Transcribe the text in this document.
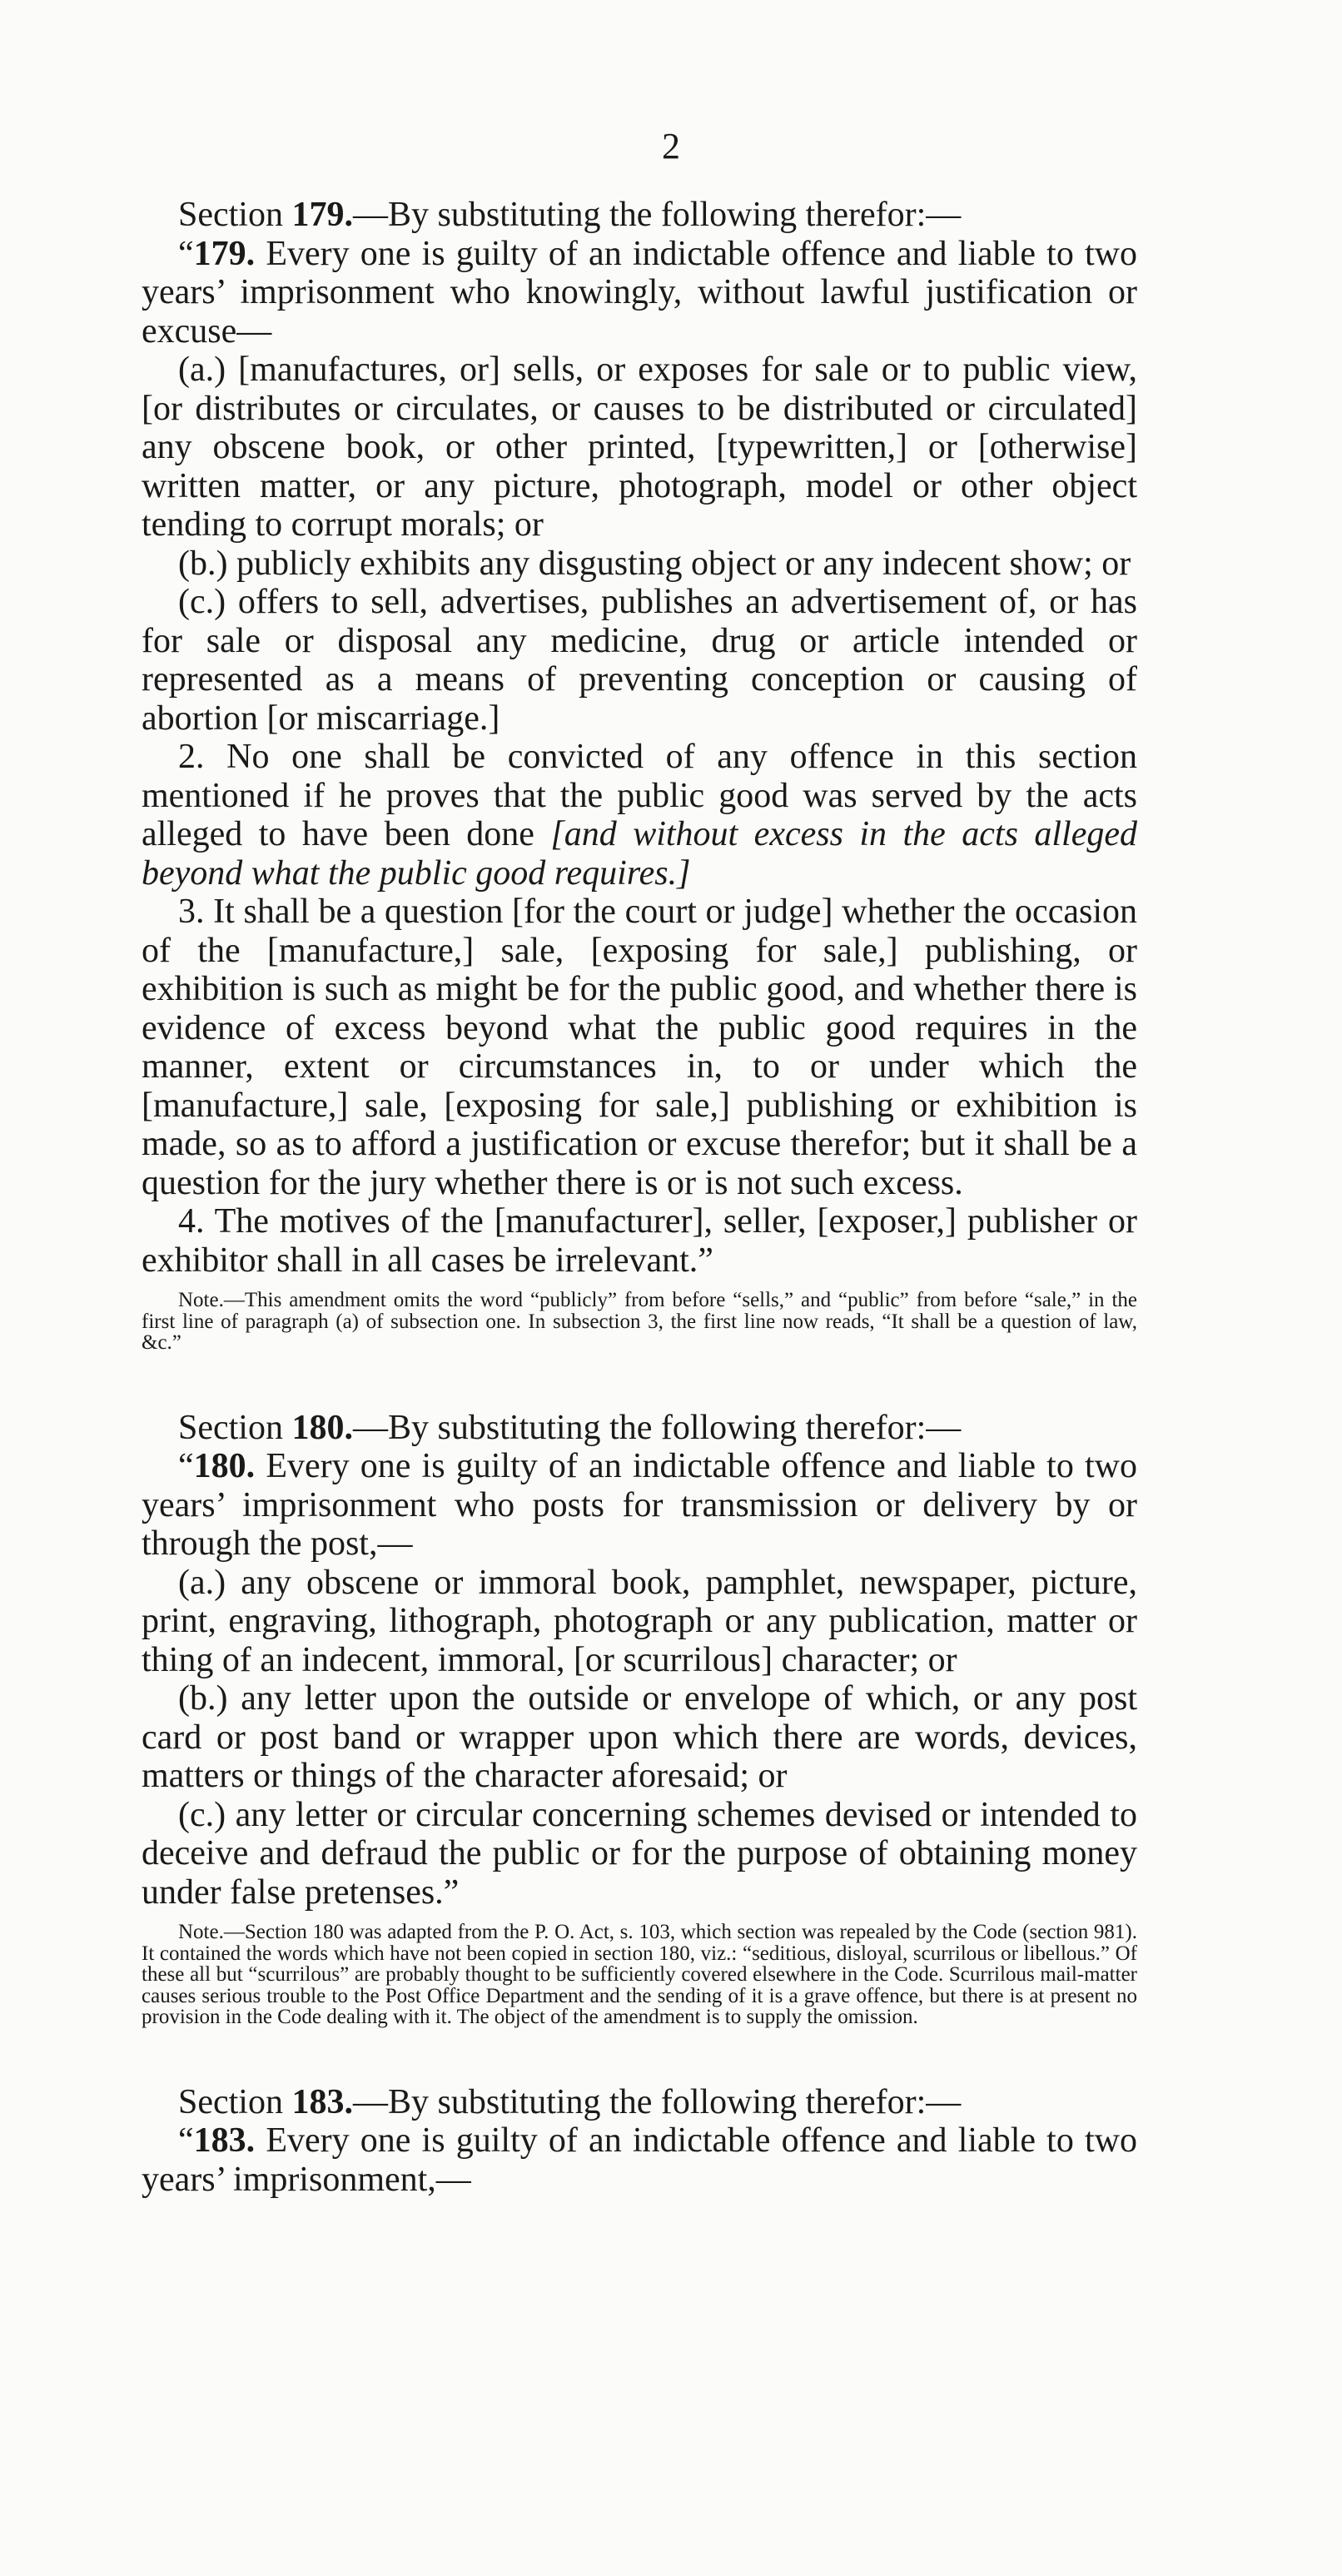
2

Section 179.—By substituting the following therefor:—

“179. Every one is guilty of an indictable offence and liable to two years’ imprisonment who knowingly, without lawful justification or excuse—

(a.) [manufactures, or] sells, or exposes for sale or to public view, [or distributes or circulates, or causes to be distributed or circulated] any obscene book, or other printed, [typewritten,] or [otherwise] written matter, or any picture, photograph, model or other object tending to corrupt morals; or

(b.) publicly exhibits any disgusting object or any indecent show; or

(c.) offers to sell, advertises, publishes an advertisement of, or has for sale or disposal any medicine, drug or article intended or represented as a means of preventing conception or causing of abortion [or miscarriage.]

2. No one shall be convicted of any offence in this section mentioned if he proves that the public good was served by the acts alleged to have been done [and without excess in the acts alleged beyond what the public good requires.]

3. It shall be a question [for the court or judge] whether the occasion of the [manufacture,] sale, [exposing for sale,] publishing, or exhibition is such as might be for the public good, and whether there is evidence of excess beyond what the public good requires in the manner, extent or circumstances in, to or under which the [manufacture,] sale, [exposing for sale,] publishing or exhibition is made, so as to afford a justification or excuse therefor; but it shall be a question for the jury whether there is or is not such excess.

4. The motives of the [manufacturer], seller, [exposer,] publisher or exhibitor shall in all cases be irrelevant.”

Note.—This amendment omits the word “publicly” from before “sells,” and “public” from before “sale,” in the first line of paragraph (a) of subsection one. In subsection 3, the first line now reads, “It shall be a question of law, &c.”

Section 180.—By substituting the following therefor:—

“180. Every one is guilty of an indictable offence and liable to two years’ imprisonment who posts for transmission or delivery by or through the post,—

(a.) any obscene or immoral book, pamphlet, newspaper, picture, print, engraving, lithograph, photograph or any publication, matter or thing of an indecent, immoral, [or scurrilous] character; or

(b.) any letter upon the outside or envelope of which, or any post card or post band or wrapper upon which there are words, devices, matters or things of the character aforesaid; or

(c.) any letter or circular concerning schemes devised or intended to deceive and defraud the public or for the purpose of obtaining money under false pretenses.”

Note.—Section 180 was adapted from the P. O. Act, s. 103, which section was repealed by the Code (section 981). It contained the words which have not been copied in section 180, viz.: “seditious, disloyal, scurrilous or libellous.” Of these all but “scurrilous” are probably thought to be sufficiently covered elsewhere in the Code. Scurrilous mail-matter causes serious trouble to the Post Office Department and the sending of it is a grave offence, but there is at present no provision in the Code dealing with it. The object of the amendment is to supply the omission.

Section 183.—By substituting the following therefor:—

“183. Every one is guilty of an indictable offence and liable to two years’ imprisonment,—
